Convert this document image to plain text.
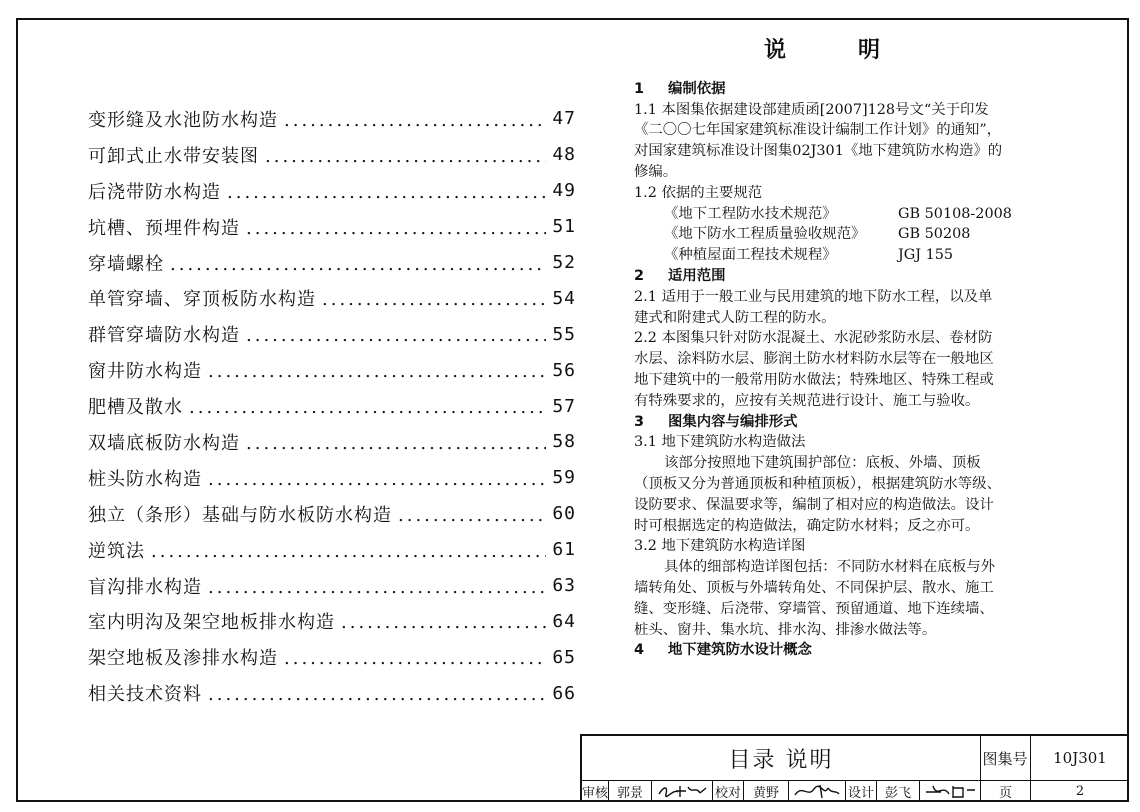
变形缝及水池防水构造 .....	47
可卸式止水带安装图 .....	48
后浇带防水构造 .....	49
坑槽、预埋件构造 .....	51
穿墙螺栓 .....	52
单管穿墙、穿顶板防水构造 .....	54
群管穿墙防水构造 .....	55
窗井防水构造 .....	56
肥槽及散水 .....	57
双墙底板防水构造 .....	58
桩头防水构造 .....	59
独立（条形）基础与防水板防水构造 .....	60
逆筑法 .....	61
盲沟排水构造 .....	63
室内明沟及架空地板排水构造 .....	64
架空地板及渗排水构造 .....	65
相关技术资料 .....	66
说明
1 编制依据
1.1 本图集依据建设部建质函[2007]128号文“关于印发
《二〇〇七年国家建筑标准设计编制工作计划》的通知”，
对国家建筑标准设计图集02J301《地下建筑防水构造》的
修编。
1.2 依据的主要规范
《地下工程防水技术规范》	GB 50108-2008
《地下防水工程质量验收规范》 GB 50208
《种植屋面工程技术规程》	JGJ 155
2 适用范围
2.1 适用于一般工业与民用建筑的地下防水工程，以及单
建式和附建式人防工程的防水。
2.2 本图集只针对防水混凝土、水泥砂浆防水层、卷材防
水层、涂料防水层、膨润土防水材料防水层等在一般地区
地下建筑中的一般常用防水做法；特殊地区、特殊工程或
有特殊要求的，应按有关规范进行设计、施工与验收。
3 图集内容与编排形式
3.1 地下建筑防水构造做法
该部分按照地下建筑围护部位：底板、外墙、顶板
（顶板又分为普通顶板和种植顶板），根据建筑防水等级、
设防要求、保温要求等，编制了相对应的构造做法。设计
时可根据选定的构造做法，确定防水材料；反之亦可。
3.2 地下建筑防水构造详图
具体的细部构造详图包括：不同防水材料在底板与外
墙转角处、顶板与外墙转角处、不同保护层、散水、施工
缝、变形缝、后浇带、穿墙管、预留通道、地下连续墙、
桩头、窗井、集水坑、排水沟、排渗水做法等。
4 地下建筑防水设计概念
目录 说明	图集号	10J301
审核 郭景	校对 黄野	设计 彭飞	页	2
